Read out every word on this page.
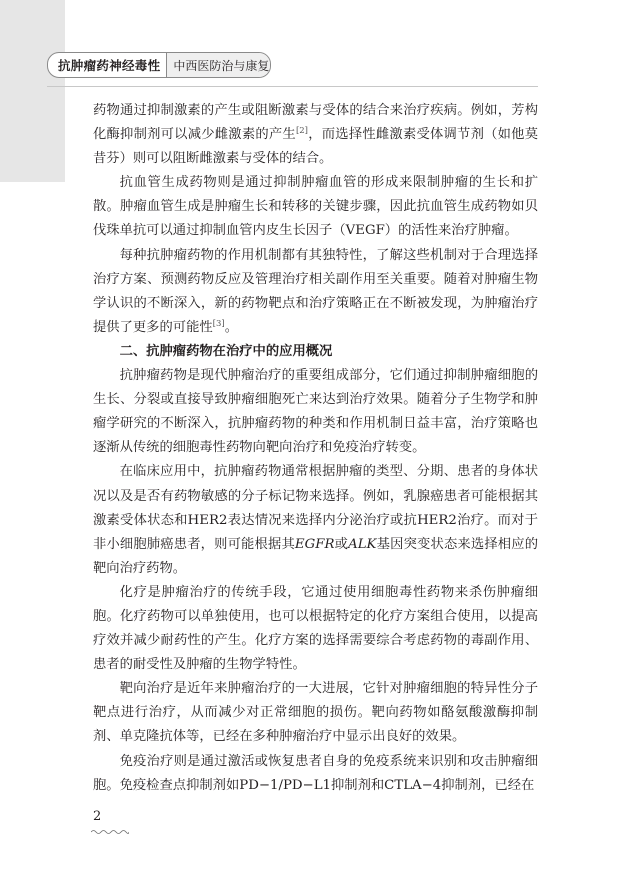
抗肿瘤药神经毒性	中西医防治与康复

药物通过抑制激素的产生或阻断激素与受体的结合来治疗疾病。例如，芳构化酶抑制剂可以减少雌激素的产生[2]，而选择性雌激素受体调节剂（如他莫昔芬）则可以阻断雌激素与受体的结合。

抗血管生成药物则是通过抑制肿瘤血管的形成来限制肿瘤的生长和扩散。肿瘤血管生成是肿瘤生长和转移的关键步骤，因此抗血管生成药物如贝伐珠单抗可以通过抑制血管内皮生长因子（VEGF）的活性来治疗肿瘤。

每种抗肿瘤药物的作用机制都有其独特性，了解这些机制对于合理选择治疗方案、预测药物反应及管理治疗相关副作用至关重要。随着对肿瘤生物学认识的不断深入，新的药物靶点和治疗策略正在不断被发现，为肿瘤治疗提供了更多的可能性[3]。

二、抗肿瘤药物在治疗中的应用概况

抗肿瘤药物是现代肿瘤治疗的重要组成部分，它们通过抑制肿瘤细胞的生长、分裂或直接导致肿瘤细胞死亡来达到治疗效果。随着分子生物学和肿瘤学研究的不断深入，抗肿瘤药物的种类和作用机制日益丰富，治疗策略也逐渐从传统的细胞毒性药物向靶向治疗和免疫治疗转变。

在临床应用中，抗肿瘤药物通常根据肿瘤的类型、分期、患者的身体状况以及是否有药物敏感的分子标记物来选择。例如，乳腺癌患者可能根据其激素受体状态和HER2表达情况来选择内分泌治疗或抗HER2治疗。而对于非小细胞肺癌患者，则可能根据其EGFR或ALK基因突变状态来选择相应的靶向治疗药物。

化疗是肿瘤治疗的传统手段，它通过使用细胞毒性药物来杀伤肿瘤细胞。化疗药物可以单独使用，也可以根据特定的化疗方案组合使用，以提高疗效并减少耐药性的产生。化疗方案的选择需要综合考虑药物的毒副作用、患者的耐受性及肿瘤的生物学特性。

靶向治疗是近年来肿瘤治疗的一大进展，它针对肿瘤细胞的特异性分子靶点进行治疗，从而减少对正常细胞的损伤。靶向药物如酪氨酸激酶抑制剂、单克隆抗体等，已经在多种肿瘤治疗中显示出良好的效果。

免疫治疗则是通过激活或恢复患者自身的免疫系统来识别和攻击肿瘤细胞。免疫检查点抑制剂如PD−1/PD−L1抑制剂和CTLA−4抑制剂，已经在

2
